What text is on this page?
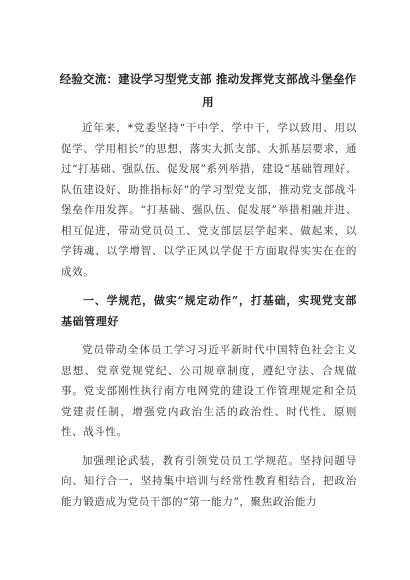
经验交流：建设学习型党支部 推动发挥党支部战斗堡垒作用

近年来，*党委坚持“干中学、学中干，学以致用、用以促学、学用相长”的思想，落实大抓支部、大抓基层要求，通过“打基础、强队伍、促发展”系列举措，建设“基础管理好、队伍建设好、助推指标好”的学习型党支部，推动党支部战斗堡垒作用发挥。“打基础、强队伍、促发展”举措相融并进、相互促进，带动党员员工、党支部层层学起来、做起来，以学铸魂、以学增智、以学正风以学促干方面取得实实在在的成效。

一、学规范，做实“规定动作”，打基础，实现党支部基础管理好

党员带动全体员工学习习近平新时代中国特色社会主义思想、党章党规党纪、公司规章制度，遵纪守法、合规做事。党支部刚性执行南方电网党的建设工作管理规定和全员党建责任制，增强党内政治生活的政治性、时代性、原则性、战斗性。

加强理论武装，教育引领党员员工学规范。坚持问题导向、知行合一，坚持集中培训与经常性教育相结合，把政治能力锻造成为党员干部的“第一能力”，聚焦政治能力
